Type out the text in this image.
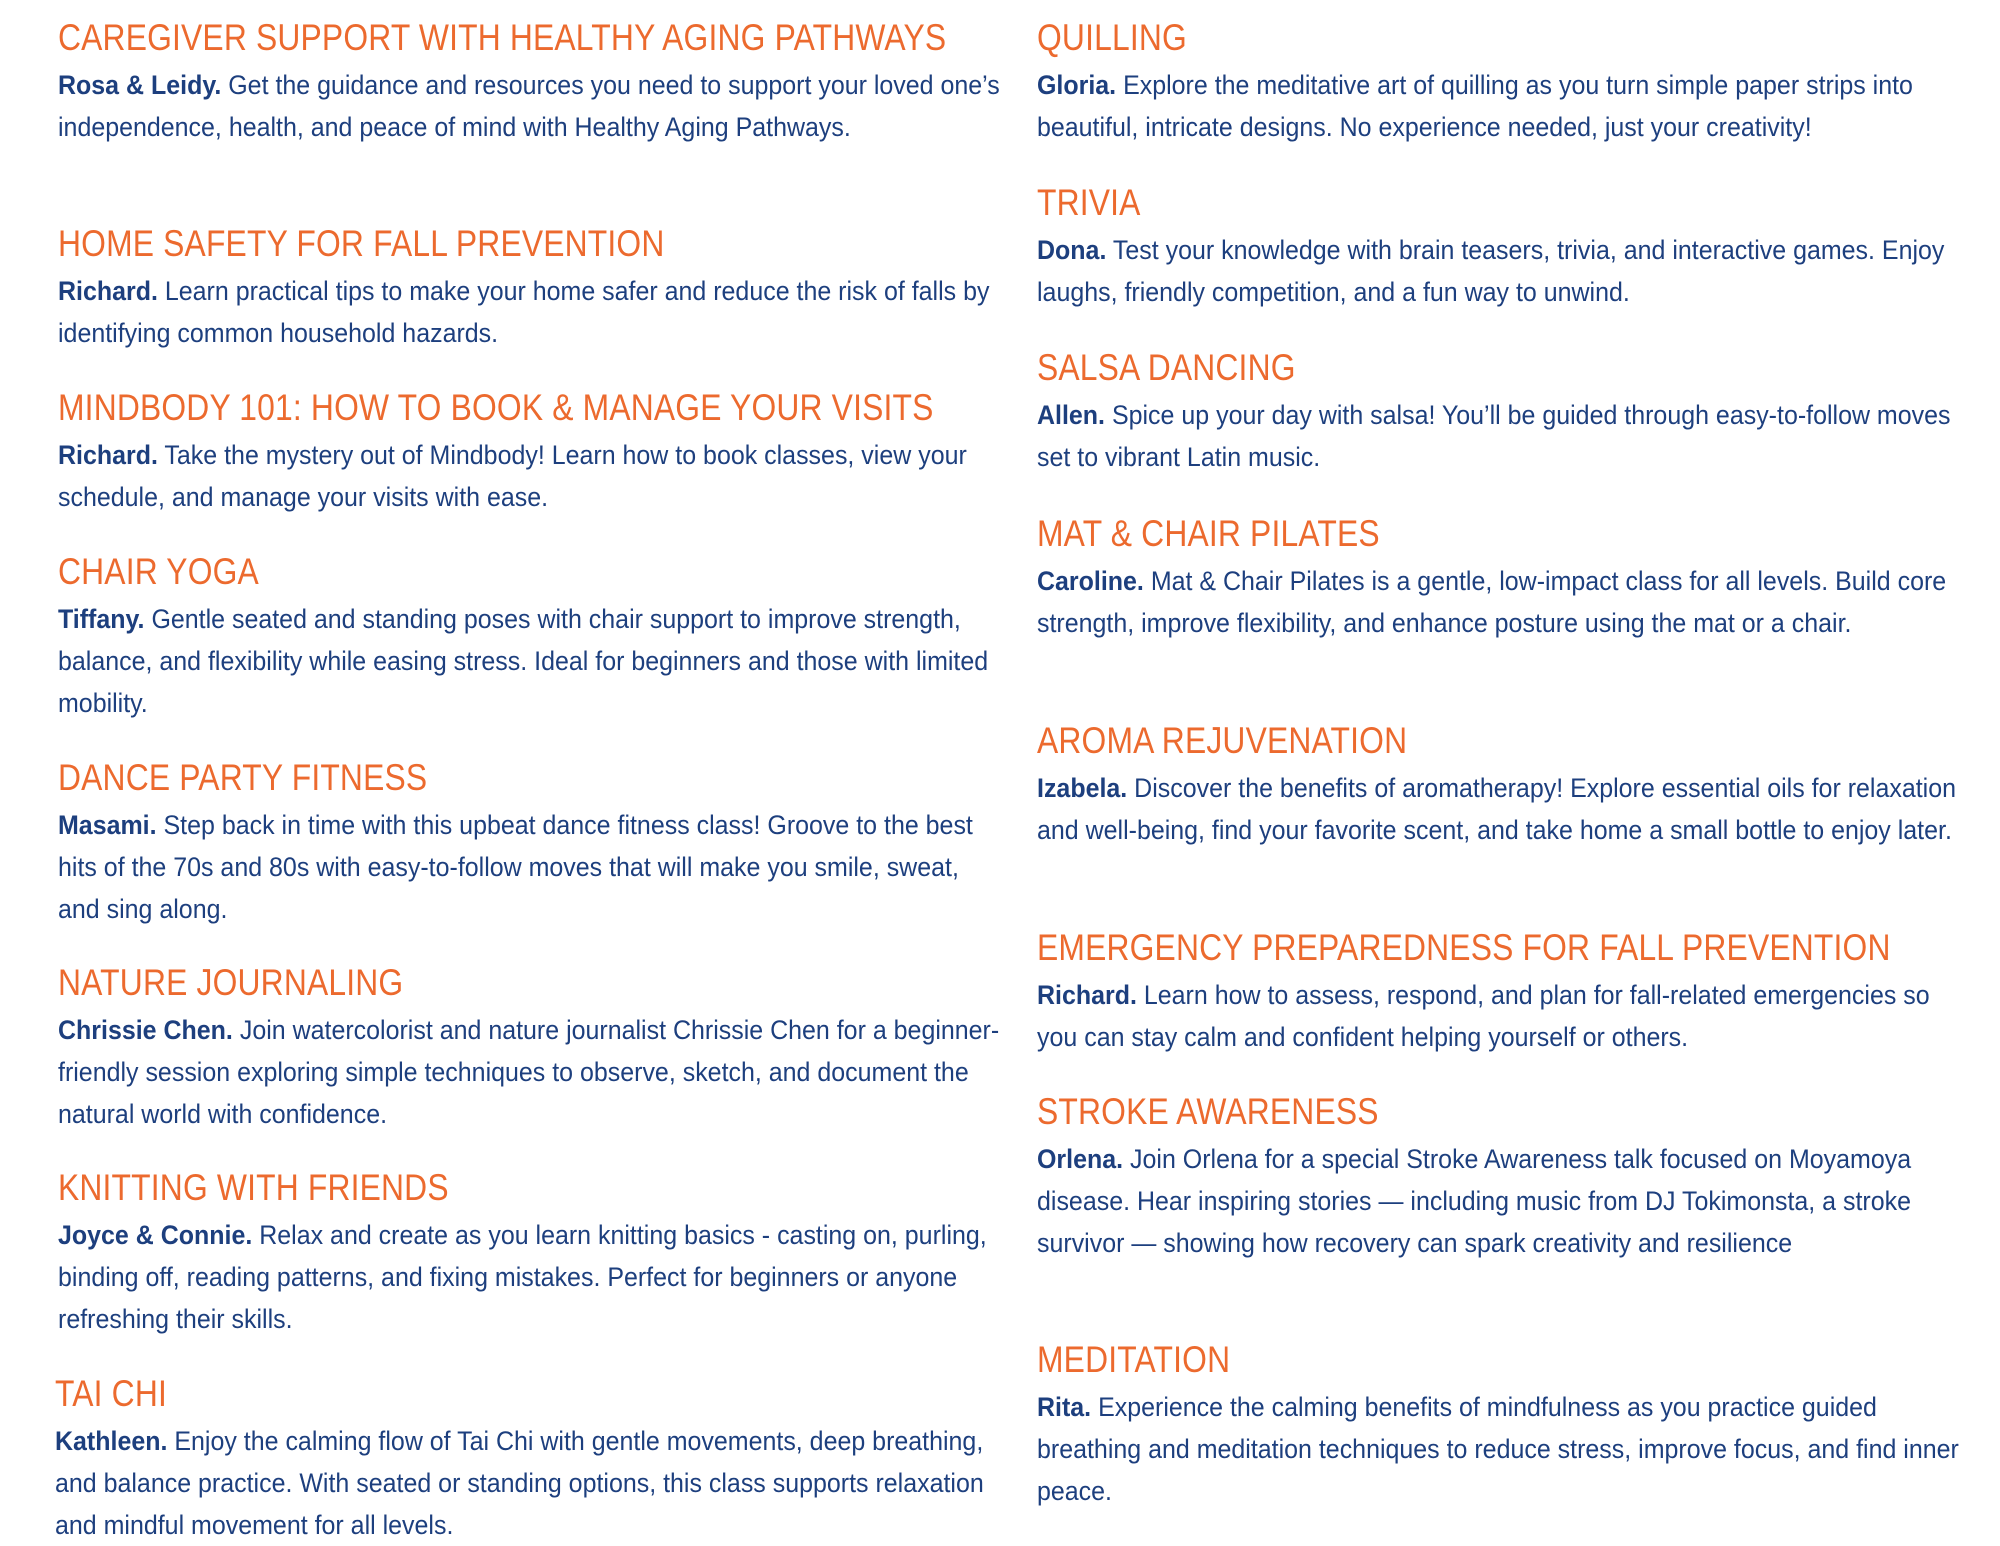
CAREGIVER SUPPORT WITH HEALTHY AGING PATHWAYS

Rosa & Leidy. Get the guidance and resources you need to support your loved one’s independence, health, and peace of mind with Healthy Aging Pathways.

HOME SAFETY FOR FALL PREVENTION

Richard. Learn practical tips to make your home safer and reduce the risk of falls by identifying common household hazards.

MINDBODY 101: HOW TO BOOK & MANAGE YOUR VISITS

Richard. Take the mystery out of Mindbody! Learn how to book classes, view your schedule, and manage your visits with ease.

CHAIR YOGA

Tiffany. Gentle seated and standing poses with chair support to improve strength, balance, and flexibility while easing stress. Ideal for beginners and those with limited mobility.

DANCE PARTY FITNESS

Masami. Step back in time with this upbeat dance fitness class! Groove to the best hits of the 70s and 80s with easy-to-follow moves that will make you smile, sweat, and sing along.

NATURE JOURNALING

Chrissie Chen. Join watercolorist and nature journalist Chrissie Chen for a beginner-friendly session exploring simple techniques to observe, sketch, and document the natural world with confidence.

KNITTING WITH FRIENDS

Joyce & Connie. Relax and create as you learn knitting basics - casting on, purling, binding off, reading patterns, and fixing mistakes. Perfect for beginners or anyone refreshing their skills.

TAI CHI

Kathleen. Enjoy the calming flow of Tai Chi with gentle movements, deep breathing, and balance practice. With seated or standing options, this class supports relaxation and mindful movement for all levels.

QUILLING

Gloria. Explore the meditative art of quilling as you turn simple paper strips into beautiful, intricate designs. No experience needed, just your creativity!

TRIVIA

Dona. Test your knowledge with brain teasers, trivia, and interactive games. Enjoy laughs, friendly competition, and a fun way to unwind.

SALSA DANCING

Allen. Spice up your day with salsa! You’ll be guided through easy-to-follow moves set to vibrant Latin music.

MAT & CHAIR PILATES

Caroline. Mat & Chair Pilates is a gentle, low-impact class for all levels. Build core strength, improve flexibility, and enhance posture using the mat or a chair.

AROMA REJUVENATION

Izabela. Discover the benefits of aromatherapy! Explore essential oils for relaxation and well-being, find your favorite scent, and take home a small bottle to enjoy later.

EMERGENCY PREPAREDNESS FOR FALL PREVENTION

Richard. Learn how to assess, respond, and plan for fall-related emergencies so you can stay calm and confident helping yourself or others.

STROKE AWARENESS

Orlena. Join Orlena for a special Stroke Awareness talk focused on Moyamoya disease. Hear inspiring stories — including music from DJ Tokimonsta, a stroke survivor — showing how recovery can spark creativity and resilience

MEDITATION

Rita. Experience the calming benefits of mindfulness as you practice guided breathing and meditation techniques to reduce stress, improve focus, and find inner peace.
